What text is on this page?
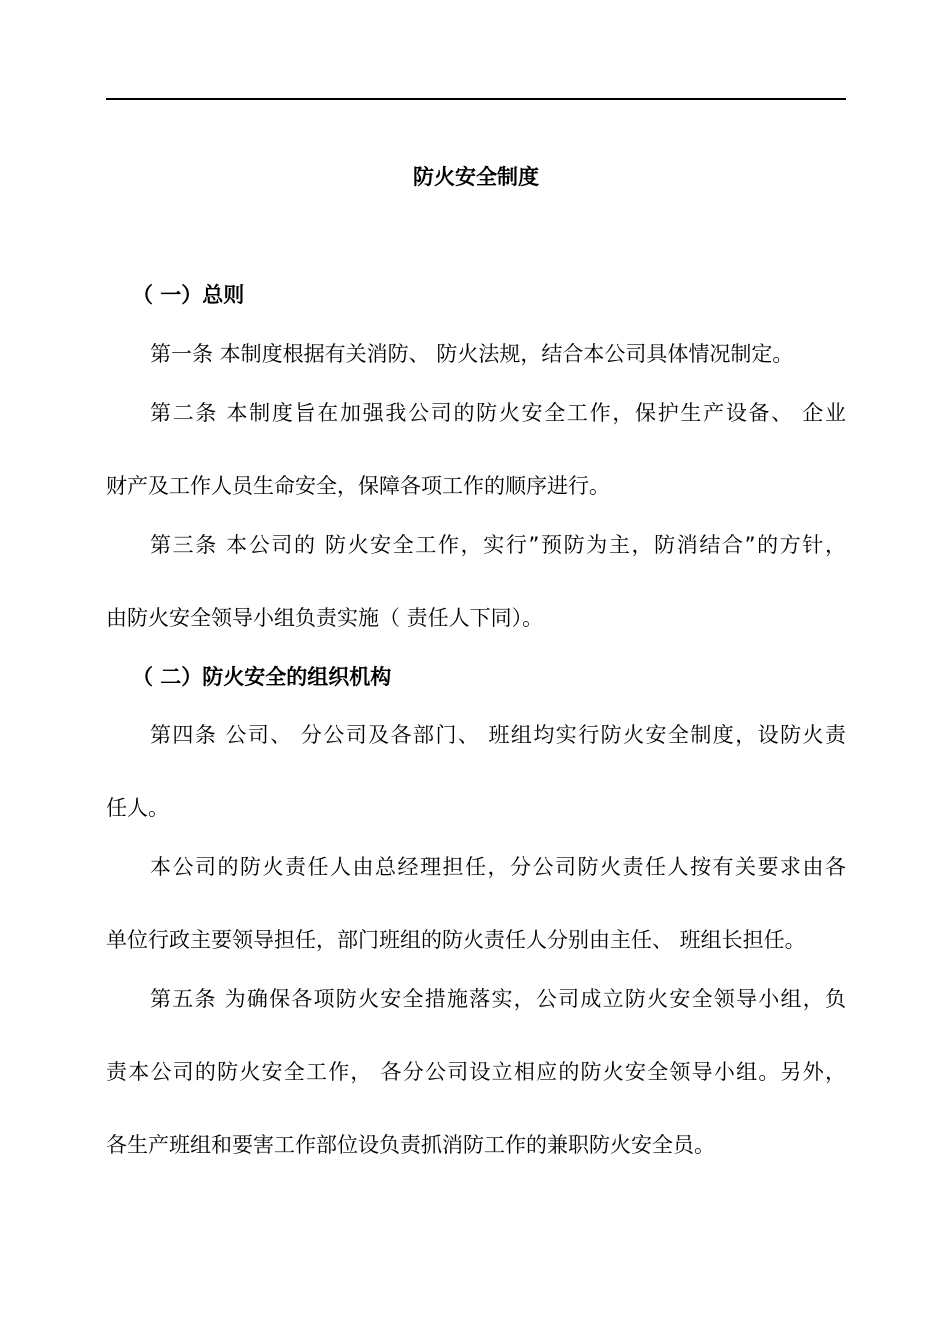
防火安全制度
（ 一）总则
第一条 本制度根据有关消防、 防火法规，结合本公司具体情况制定。
第二条 本制度旨在加强我公司的防火安全工作，保护生产设备、 企业
财产及工作人员生命安全，保障各项工作的顺序进行。
第三条 本公司的 防火安全工作，实行”预防为主，防消结合”的方针，
由防火安全领导小组负责实施（ 责任人下同）。
（ 二）防火安全的组织机构
第四条 公司、 分公司及各部门、 班组均实行防火安全制度，设防火责
任人。
本公司的防火责任人由总经理担任，分公司防火责任人按有关要求由各
单位行政主要领导担任，部门班组的防火责任人分别由主任、 班组长担任。
第五条 为确保各项防火安全措施落实，公司成立防火安全领导小组，负
责本公司的防火安全工作， 各分公司设立相应的防火安全领导小组。另外，
各生产班组和要害工作部位设负责抓消防工作的兼职防火安全员。
